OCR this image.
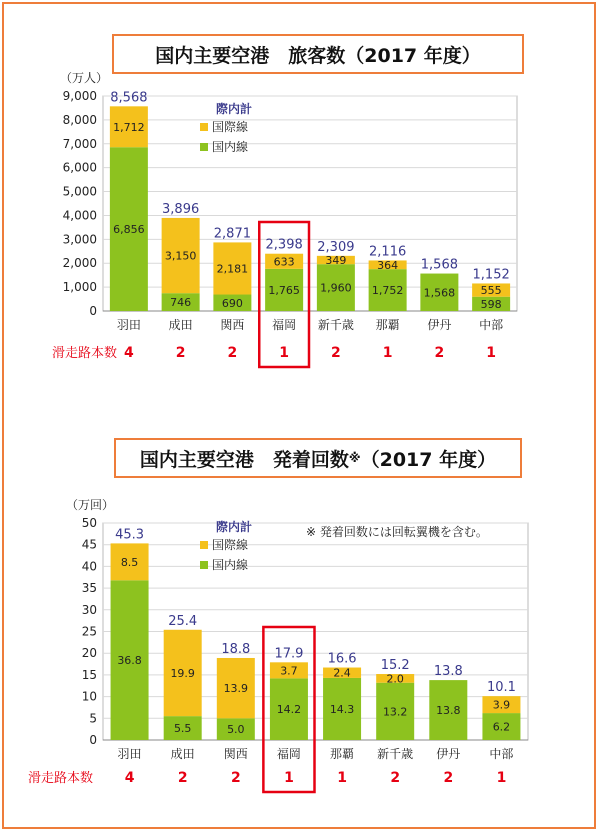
国内主要空港　旅客数 （2017 年度）
国内主要空港　発着回数 ※ （2017 年度）
0
1,000
2,000
3,000
4,000
5,000
6,000
7,000
8,000
9,000
（万人）
6,856
1,712
8,568
羽田
4
746
3,150
3,896
成田
2
690
2,181
2,871
関西
2
1,765
633
2,398
福岡
1
1,960
349
2,309
新千歳
2
1,752
364
2,116
那覇
1
1,568
1,568
伊丹
2
598
555
1,152
中部
1
滑走路本数
際内計
国際線
国内線
0
5
10
15
20
25
30
35
40
45
50
（万回）
36.8
8.5
45.3
羽田
4
5.5
19.9
25.4
成田
2
5.0
13.9
18.8
関西
2
14.2
3.7
17.9
福岡
1
14.3
2.4
16.6
那覇
1
13.2
2.0
15.2
新千歳
2
13.8
13.8
伊丹
2
6.2
3.9
10.1
中部
1
滑走路本数
際内計
国際線
国内線
※ 発着回数には回転翼機を含む。
